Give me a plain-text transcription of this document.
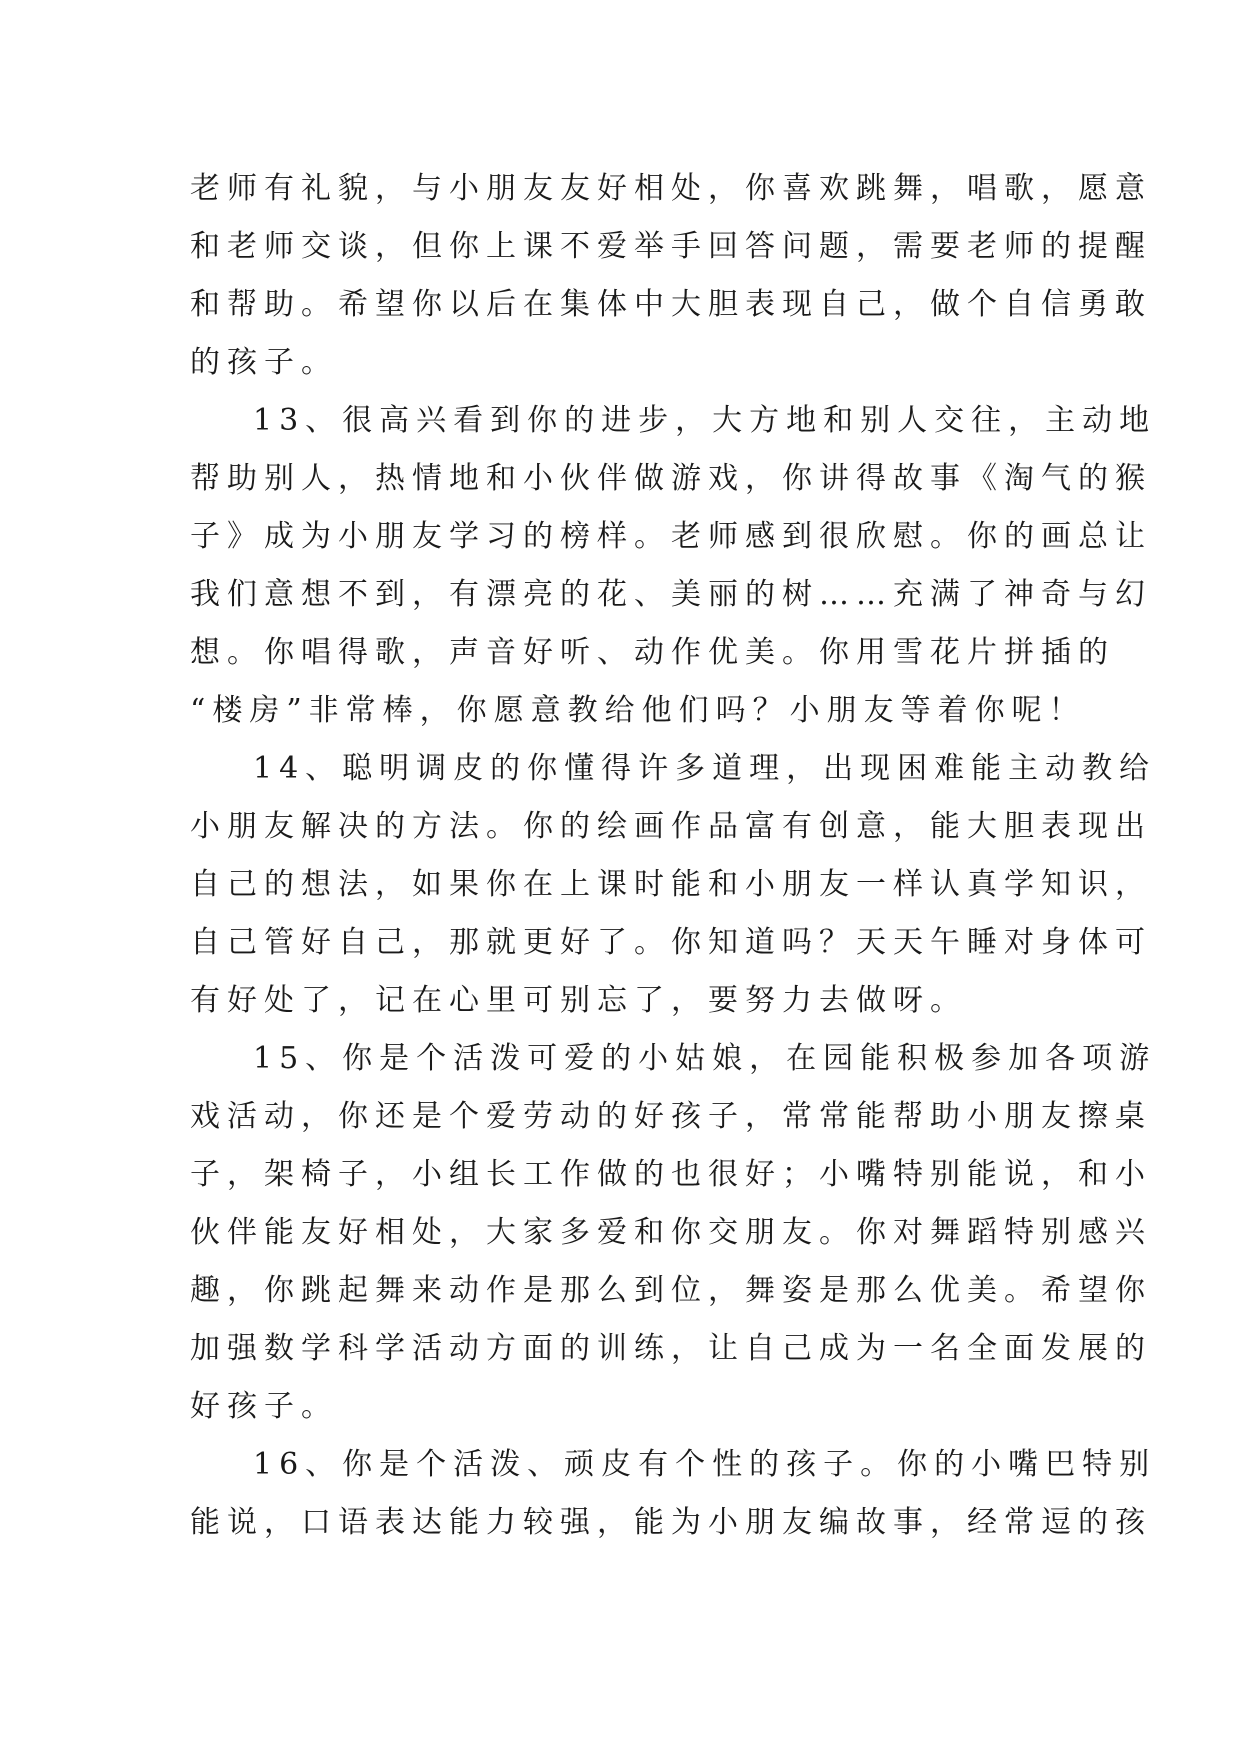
老师有礼貌，与小朋友友好相处，你喜欢跳舞，唱歌，愿意

和老师交谈，但你上课不爱举手回答问题，需要老师的提醒

和帮助。希望你以后在集体中大胆表现自己，做个自信勇敢

的孩子。

13、很高兴看到你的进步，大方地和别人交往，主动地

帮助别人，热情地和小伙伴做游戏，你讲得故事《淘气的猴

子》成为小朋友学习的榜样。老师感到很欣慰。你的画总让

我们意想不到，有漂亮的花、美丽的树……充满了神奇与幻

想。你唱得歌，声音好听、动作优美。你用雪花片拼插的

“楼房”非常棒，你愿意教给他们吗？小朋友等着你呢！

14、聪明调皮的你懂得许多道理，出现困难能主动教给

小朋友解决的方法。你的绘画作品富有创意，能大胆表现出

自己的想法，如果你在上课时能和小朋友一样认真学知识，

自己管好自己，那就更好了。你知道吗？天天午睡对身体可

有好处了，记在心里可别忘了，要努力去做呀。

15、你是个活泼可爱的小姑娘，在园能积极参加各项游

戏活动，你还是个爱劳动的好孩子，常常能帮助小朋友擦桌

子，架椅子，小组长工作做的也很好；小嘴特别能说，和小

伙伴能友好相处，大家多爱和你交朋友。你对舞蹈特别感兴

趣，你跳起舞来动作是那么到位，舞姿是那么优美。希望你

加强数学科学活动方面的训练，让自己成为一名全面发展的

好孩子。

16、你是个活泼、顽皮有个性的孩子。你的小嘴巴特别

能说，口语表达能力较强，能为小朋友编故事，经常逗的孩
